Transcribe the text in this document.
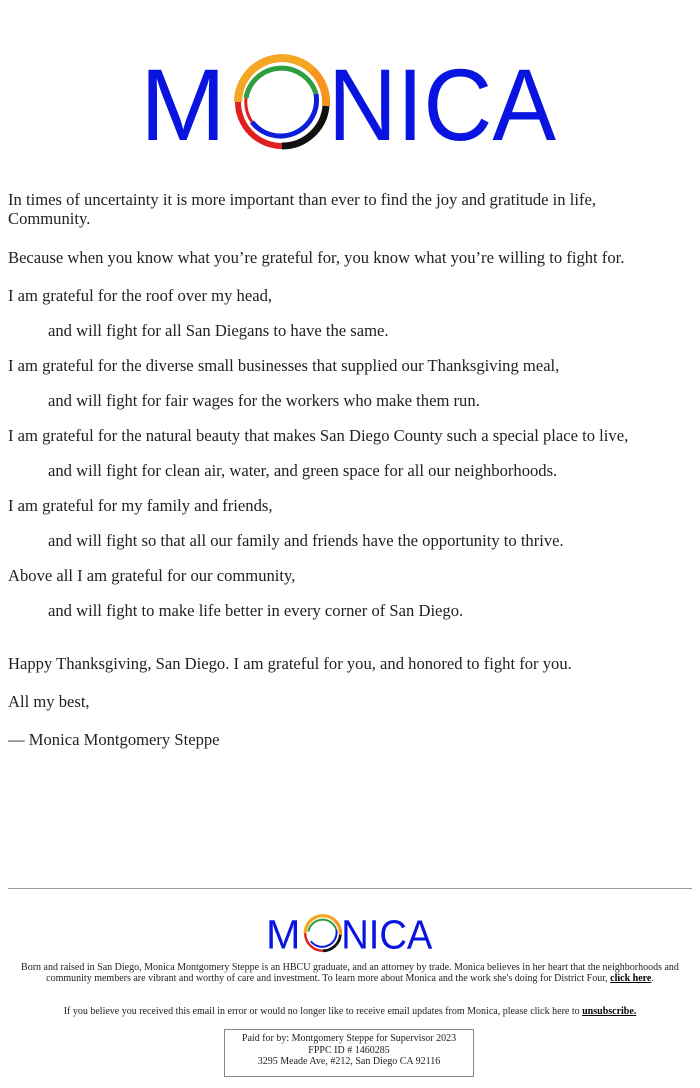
M NICA

In times of uncertainty it is more important than ever to find the joy and gratitude in life, Community.

Because when you know what you’re grateful for, you know what you’re willing to fight for.

I am grateful for the roof over my head,

and will fight for all San Diegans to have the same.

I am grateful for the diverse small businesses that supplied our Thanksgiving meal,

and will fight for fair wages for the workers who make them run.

I am grateful for the natural beauty that makes San Diego County such a special place to live,

and will fight for clean air, water, and green space for all our neighborhoods.

I am grateful for my family and friends,

and will fight so that all our family and friends have the opportunity to thrive.

Above all I am grateful for our community,

and will fight to make life better in every corner of San Diego.

Happy Thanksgiving, San Diego. I am grateful for you, and honored to fight for you.

All my best,

— Monica Montgomery Steppe

M NICA
Born and raised in San Diego, Monica Montgomery Steppe is an HBCU graduate, and an attorney by trade. Monica believes in her heart that the neighborhoods and community members are vibrant and worthy of care and investment. To learn more about Monica and the work she's doing for District Four, click here.
If you believe you received this email in error or would no longer like to receive email updates from Monica, please click here to unsubscribe.
Paid for by: Montgomery Steppe for Supervisor 2023
FPPC ID # 1460285
3295 Meade Ave, #212, San Diego CA 92116
